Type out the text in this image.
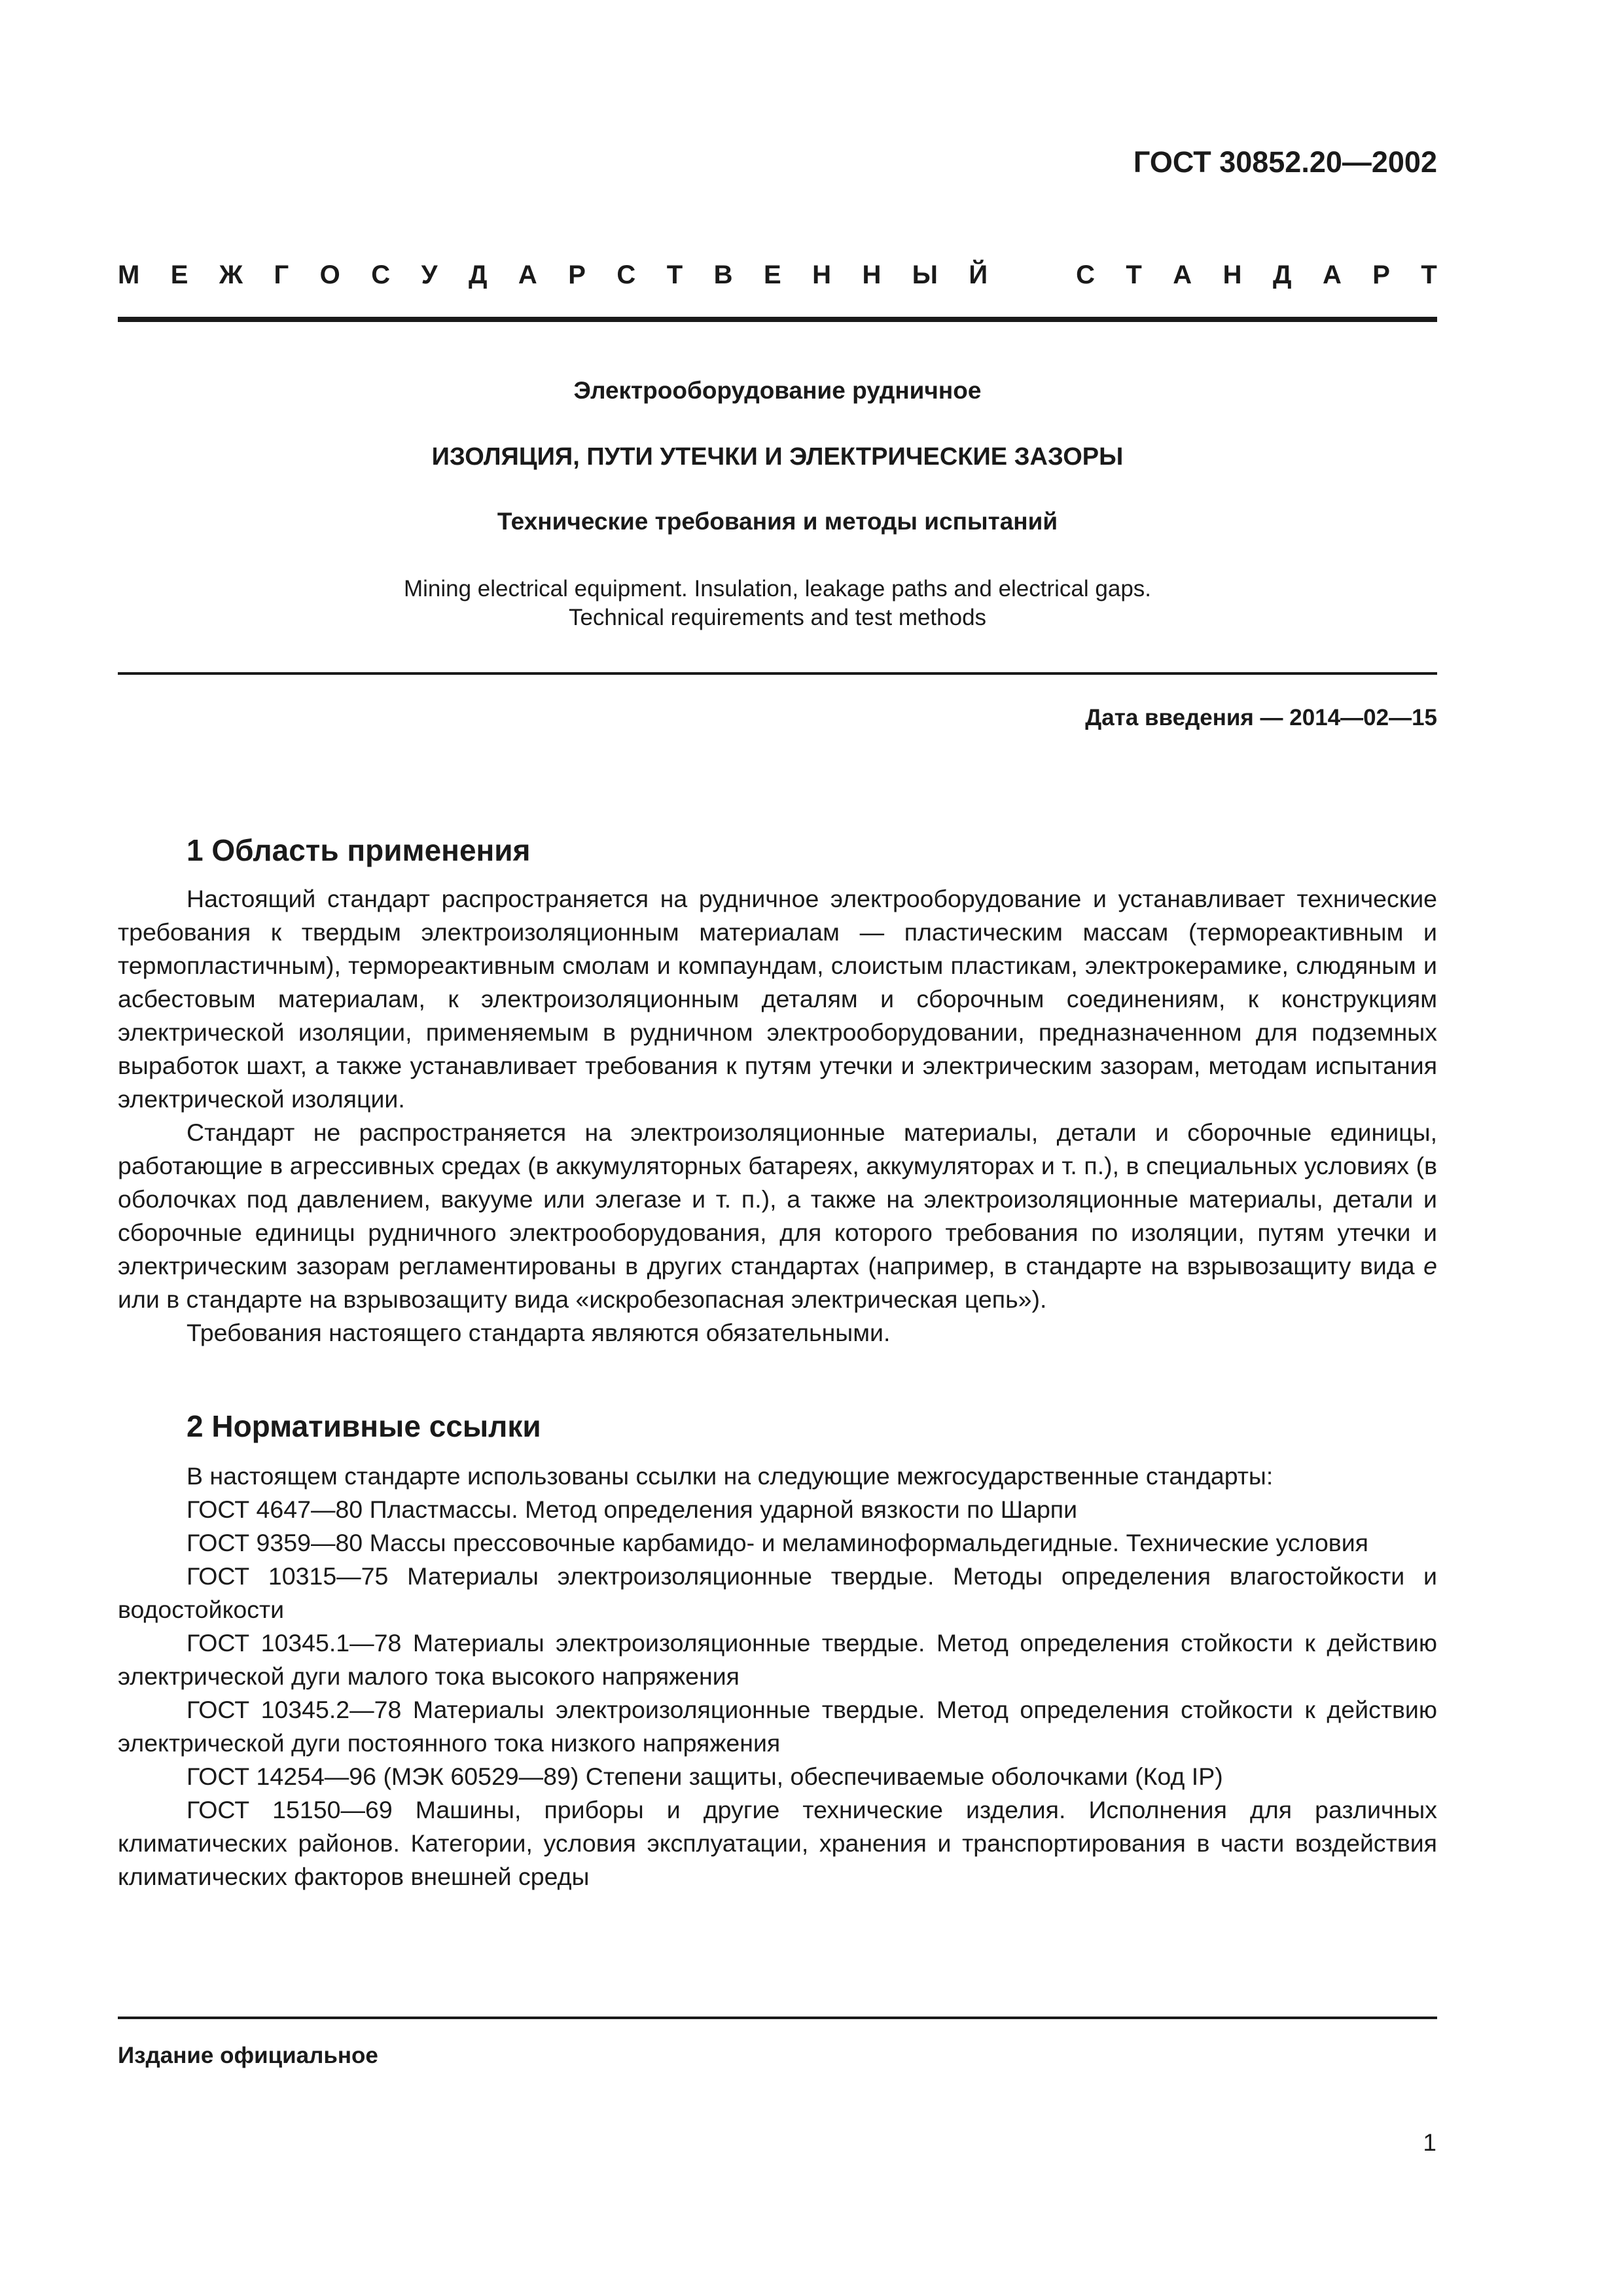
ГОСТ 30852.20—2002
М Е Ж Г О С У Д А Р С Т В Е Н Н Ы Й
 	С Т А Н Д А Р Т
Электрооборудование рудничное
ИЗОЛЯЦИЯ, ПУТИ УТЕЧКИ И ЭЛЕКТРИЧЕСКИЕ ЗАЗОРЫ
Технические требования и методы испытаний
Mining electrical equipment. Insulation, leakage paths and electrical gaps.
Technical requirements and test methods
Дата введения — 2014—02—15
1 Область применения

Настоящий стандарт распространяется на рудничное электрооборудование и устанавливает технические требования к твердым электроизоляционным материалам — пластическим массам (термореактивным и термопластичным), термореактивным смолам и компаундам, слоистым пластикам, электрокерамике, слюдяным и асбестовым материалам, к электроизоляционным деталям и сборочным соединениям, к конструкциям электрической изоляции, применяемым в рудничном электрооборудовании, предназначенном для подземных выработок шахт, а также устанавливает требования к путям утечки и электрическим зазорам, методам испытания электрической изоляции.

Стандарт не распространяется на электроизоляционные материалы, детали и сборочные единицы, работающие в агрессивных средах (в аккумуляторных батареях, аккумуляторах и т. п.), в специальных условиях (в оболочках под давлением, вакууме или элегазе и т. п.), а также на электроизоляционные материалы, детали и сборочные единицы рудничного электрооборудования, для которого требования по изоляции, путям утечки и электрическим зазорам регламентированы в других стандартах (например, в стандарте на взрывозащиту вида е или в стандарте на взрывозащиту вида «искробезопасная электрическая цепь»).

Требования настоящего стандарта являются обязательными.

2 Нормативные ссылки

В настоящем стандарте использованы ссылки на следующие межгосударственные стандарты:

ГОСТ 4647—80 Пластмассы. Метод определения ударной вязкости по Шарпи

ГОСТ 9359—80 Массы прессовочные карбамидо- и меламиноформальдегидные. Технические условия

ГОСТ 10315—75 Материалы электроизоляционные твердые. Методы определения влагостойкости и водостойкости

ГОСТ 10345.1—78 Материалы электроизоляционные твердые. Метод определения стойкости к действию электрической дуги малого тока высокого напряжения

ГОСТ 10345.2—78 Материалы электроизоляционные твердые. Метод определения стойкости к действию электрической дуги постоянного тока низкого напряжения

ГОСТ 14254—96 (МЭК 60529—89) Степени защиты, обеспечиваемые оболочками (Код IP)

ГОСТ 15150—69 Машины, приборы и другие технические изделия. Исполнения для различных климатических районов. Категории, условия эксплуатации, хранения и транспортирования в части воздействия климатических факторов внешней среды

Издание официальное
1
